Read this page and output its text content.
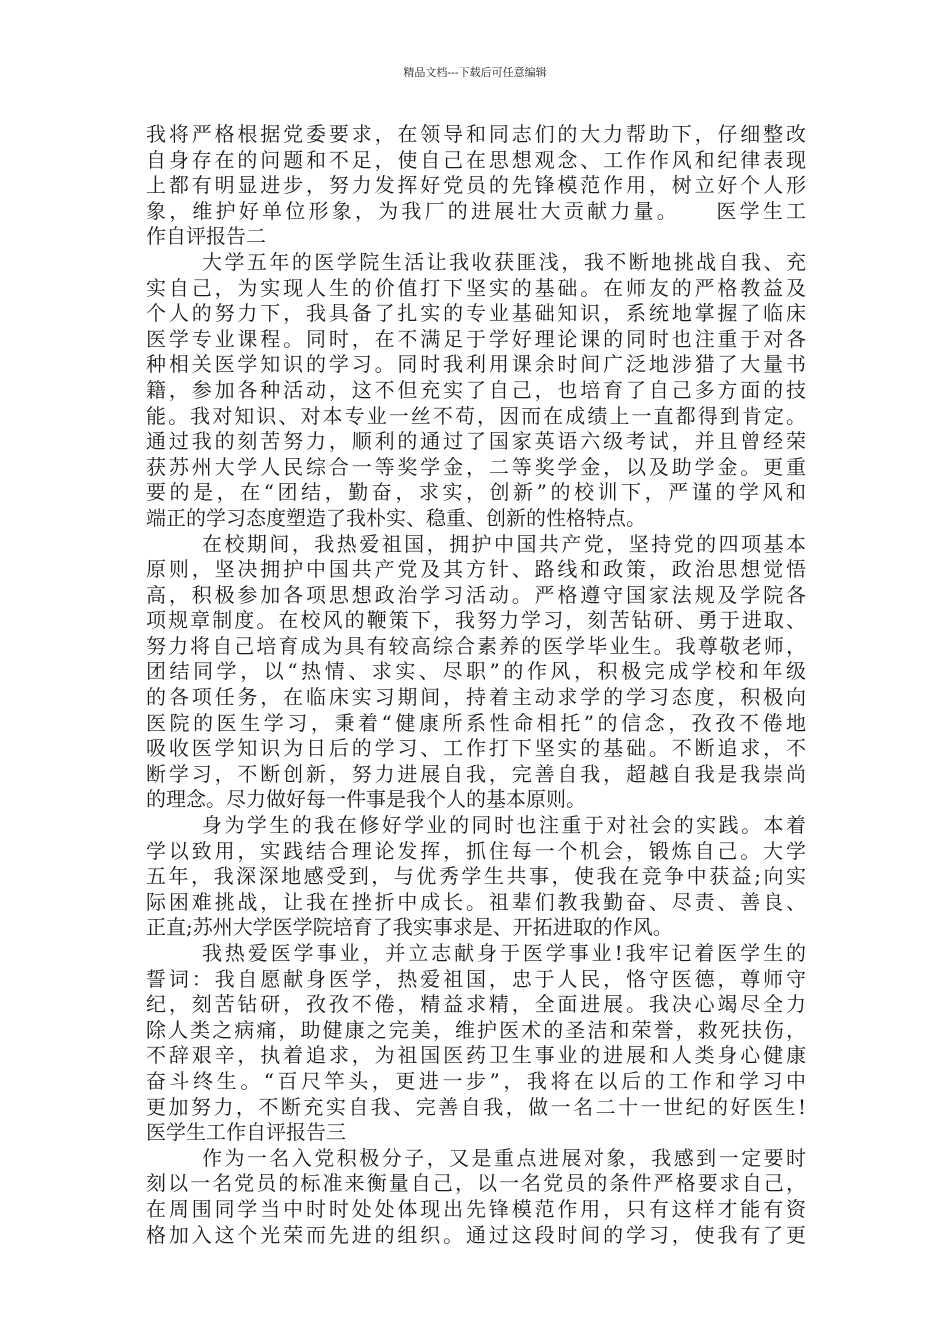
精品文档---下载后可任意编辑
我将严格根据党委要求，在领导和同志们的大力帮助下，仔细整改
自身存在的问题和不足，使自己在思想观念、工作作风和纪律表现
上都有明显进步，努力发挥好党员的先锋模范作用，树立好个人形
象，维护好单位形象，为我厂的进展壮大贡献力量。　　医学生工
作自评报告二
大学五年的医学院生活让我收获匪浅，我不断地挑战自我、充
实自己，为实现人生的价值打下坚实的基础。在师友的严格教益及
个人的努力下，我具备了扎实的专业基础知识，系统地掌握了临床
医学专业课程。同时，在不满足于学好理论课的同时也注重于对各
种相关医学知识的学习。同时我利用课余时间广泛地涉猎了大量书
籍，参加各种活动，这不但充实了自己，也培育了自己多方面的技
能。我对知识、对本专业一丝不苟，因而在成绩上一直都得到肯定。
通过我的刻苦努力，顺利的通过了国家英语六级考试，并且曾经荣
获苏州大学人民综合一等奖学金，二等奖学金，以及助学金。更重
要的是，在“团结，勤奋，求实，创新”的校训下，严谨的学风和
端正的学习态度塑造了我朴实、稳重、创新的性格特点。
在校期间，我热爱祖国，拥护中国共产党，坚持党的四项基本
原则，坚决拥护中国共产党及其方针、路线和政策，政治思想觉悟
高，积极参加各项思想政治学习活动。严格遵守国家法规及学院各
项规章制度。在校风的鞭策下，我努力学习，刻苦钻研、勇于进取、
努力将自己培育成为具有较高综合素养的医学毕业生。我尊敬老师，
团结同学，以“热情、求实、尽职”的作风，积极完成学校和年级
的各项任务，在临床实习期间，持着主动求学的学习态度，积极向
医院的医生学习，秉着“健康所系性命相托”的信念，孜孜不倦地
吸收医学知识为日后的学习、工作打下坚实的基础。不断追求，不
断学习，不断创新，努力进展自我，完善自我，超越自我是我崇尚
的理念。尽力做好每一件事是我个人的基本原则。
身为学生的我在修好学业的同时也注重于对社会的实践。本着
学以致用，实践结合理论发挥，抓住每一个机会，锻炼自己。大学
五年，我深深地感受到，与优秀学生共事，使我在竞争中获益;向实
际困难挑战，让我在挫折中成长。祖辈们教我勤奋、尽责、善良、
正直;苏州大学医学院培育了我实事求是、开拓进取的作风。
我热爱医学事业，并立志献身于医学事业!我牢记着医学生的
誓词：我自愿献身医学，热爱祖国，忠于人民，恪守医德，尊师守
纪，刻苦钻研，孜孜不倦，精益求精，全面进展。我决心竭尽全力
除人类之病痛，助健康之完美，维护医术的圣洁和荣誉，救死扶伤，
不辞艰辛，执着追求，为祖国医药卫生事业的进展和人类身心健康
奋斗终生。“百尺竿头，更进一步”，我将在以后的工作和学习中
更加努力，不断充实自我、完善自我，做一名二十一世纪的好医生!
医学生工作自评报告三
作为一名入党积极分子，又是重点进展对象，我感到一定要时
刻以一名党员的标准来衡量自己，以一名党员的条件严格要求自己，
在周围同学当中时时处处体现出先锋模范作用，只有这样才能有资
格加入这个光荣而先进的组织。通过这段时间的学习，使我有了更
